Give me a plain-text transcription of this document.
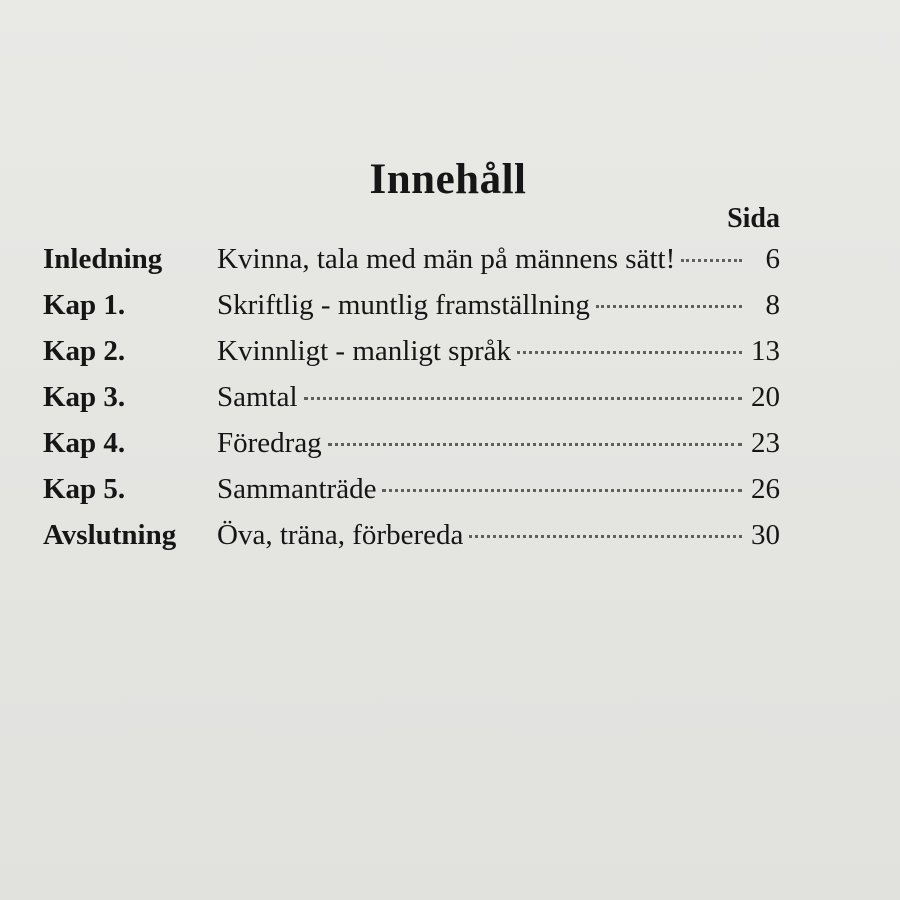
Innehåll
Sida
Inledning	Kvinna, tala med män på männens sätt!	6
Kap 1.	Skriftlig - muntlig framställning	8
Kap 2.	Kvinnligt - manligt språk	13
Kap 3.	Samtal	20
Kap 4.	Föredrag	23
Kap 5.	Sammanträde	26
Avslutning	Öva, träna, förbereda	30
